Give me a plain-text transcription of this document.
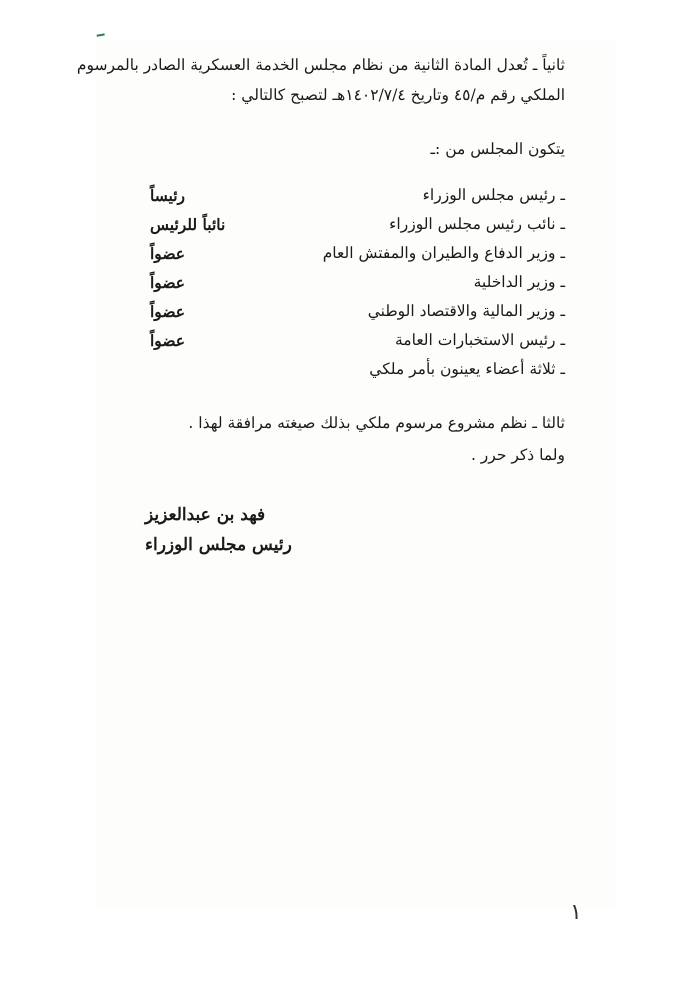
ثانياً ـ تُعدل المادة الثانية من نظام مجلس الخدمة العسكرية الصادر بالمرسوم
الملكي رقم م/٤٥ وتاريخ ١٤٠٢/٧/٤هـ لتصبح كالتالي :
يتكون المجلس من :ـ
ـ رئيس مجلس الوزراء
رئيساً
ـ نائب رئيس مجلس الوزراء
نائباً للرئيس
ـ وزير الدفاع والطيران والمفتش العام
عضواً
ـ وزير الداخلية
عضواً
ـ وزير المالية والاقتصاد الوطني
عضواً
ـ رئيس الاستخبارات العامة
عضواً
ـ ثلاثة أعضاء يعينون بأمر ملكي
ثالثا ـ نظم مشروع مرسوم ملكي بذلك صيغته مرافقة لهذا .
ولما ذكر حرر .
فهد بن عبدالعزيز
رئيس مجلس الوزراء
١
